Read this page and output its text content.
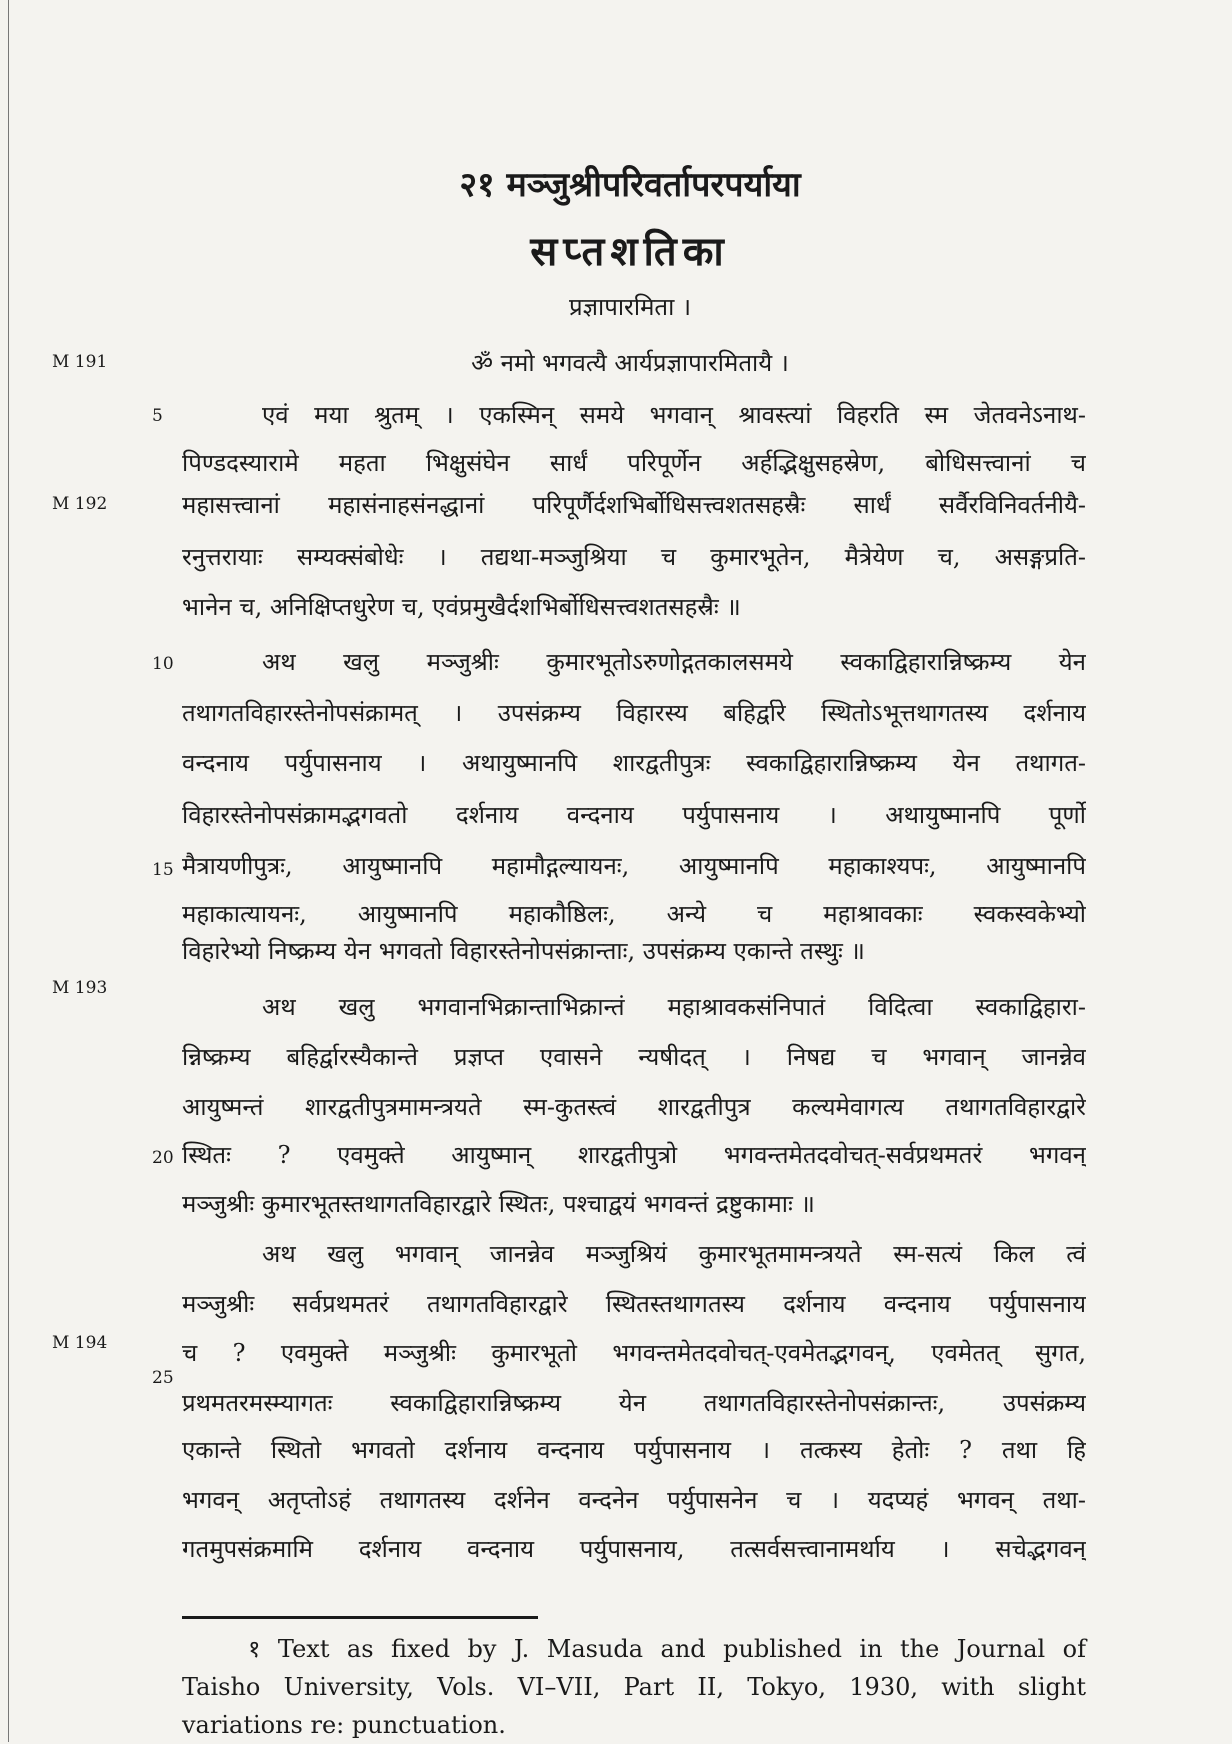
२१ मञ्जुश्रीपरिवर्तापरपर्याया
सप्तशतिका
प्रज्ञापारमिता ।
ॐ नमो भगवत्यै आर्यप्रज्ञापारमितायै ।
M 191
M 192
M 193
M 194
5
10
15
20
25
एवं मया श्रुतम् । एकस्मिन् समये भगवान् श्रावस्त्यां विहरति स्म जेतवनेऽनाथ-
पिण्डदस्यारामे महता भिक्षुसंघेन सार्धं परिपूर्णेन अर्हद्भिक्षुसहस्रेण, बोधिसत्त्वानां च
महासत्त्वानां महासंनाहसंनद्धानां परिपूर्णैर्दशभिर्बोधिसत्त्वशतसहस्रैः सार्धं सर्वैरविनिवर्तनीयै-
रनुत्तरायाः सम्यक्संबोधेः । तद्यथा-मञ्जुश्रिया च कुमारभूतेन, मैत्रेयेण च, असङ्गप्रति-
भानेन च, अनिक्षिप्तधुरेण च, एवंप्रमुखैर्दशभिर्बोधिसत्त्वशतसहस्रैः ॥
अथ खलु मञ्जुश्रीः कुमारभूतोऽरुणोद्गतकालसमये स्वकाद्विहारान्निष्क्रम्य येन
तथागतविहारस्तेनोपसंक्रामत् । उपसंक्रम्य विहारस्य बहिर्द्वारे स्थितोऽभूत्तथागतस्य दर्शनाय
वन्दनाय पर्युपासनाय । अथायुष्मानपि शारद्वतीपुत्रः स्वकाद्विहारान्निष्क्रम्य येन तथागत-
विहारस्तेनोपसंक्रामद्भगवतो दर्शनाय वन्दनाय पर्युपासनाय । अथायुष्मानपि पूर्णो
मैत्रायणीपुत्रः, आयुष्मानपि महामौद्गल्यायनः, आयुष्मानपि महाकाश्यपः, आयुष्मानपि
महाकात्यायनः, आयुष्मानपि महाकौष्ठिलः, अन्ये च महाश्रावकाः स्वकस्वकेभ्यो
विहारेभ्यो निष्क्रम्य येन भगवतो विहारस्तेनोपसंक्रान्ताः, उपसंक्रम्य एकान्ते तस्थुः ॥
अथ खलु भगवानभिक्रान्ताभिक्रान्तं महाश्रावकसंनिपातं विदित्वा स्वकाद्विहारा-
न्निष्क्रम्य बहिर्द्वारस्यैकान्ते प्रज्ञप्त एवासने न्यषीदत् । निषद्य च भगवान् जानन्नेव
आयुष्मन्तं शारद्वतीपुत्रमामन्त्रयते स्म-कुतस्त्वं शारद्वतीपुत्र कल्यमेवागत्य तथागतविहारद्वारे
स्थितः ? एवमुक्ते आयुष्मान् शारद्वतीपुत्रो भगवन्तमेतदवोचत्-सर्वप्रथमतरं भगवन्
मञ्जुश्रीः कुमारभूतस्तथागतविहारद्वारे स्थितः, पश्चाद्वयं भगवन्तं द्रष्टुकामाः ॥
अथ खलु भगवान् जानन्नेव मञ्जुश्रियं कुमारभूतमामन्त्रयते स्म-सत्यं किल त्वं
मञ्जुश्रीः सर्वप्रथमतरं तथागतविहारद्वारे स्थितस्तथागतस्य दर्शनाय वन्दनाय पर्युपासनाय
च ? एवमुक्ते मञ्जुश्रीः कुमारभूतो भगवन्तमेतदवोचत्-एवमेतद्भगवन्, एवमेतत् सुगत,
प्रथमतरमस्म्यागतः स्वकाद्विहारान्निष्क्रम्य येन तथागतविहारस्तेनोपसंक्रान्तः, उपसंक्रम्य
एकान्ते स्थितो भगवतो दर्शनाय वन्दनाय पर्युपासनाय । तत्कस्य हेतोः ? तथा हि
भगवन् अतृप्तोऽहं तथागतस्य दर्शनेन वन्दनेन पर्युपासनेन च । यदप्यहं भगवन् तथा-
गतमुपसंक्रमामि दर्शनाय वन्दनाय पर्युपासनाय, तत्सर्वसत्त्वानामर्थाय । सचेद्भगवन्

१ Text as fixed by J. Masuda and published in the Journal of

Taisho University, Vols. VI–VII, Part II, Tokyo, 1930, with slight

variations re: punctuation.
